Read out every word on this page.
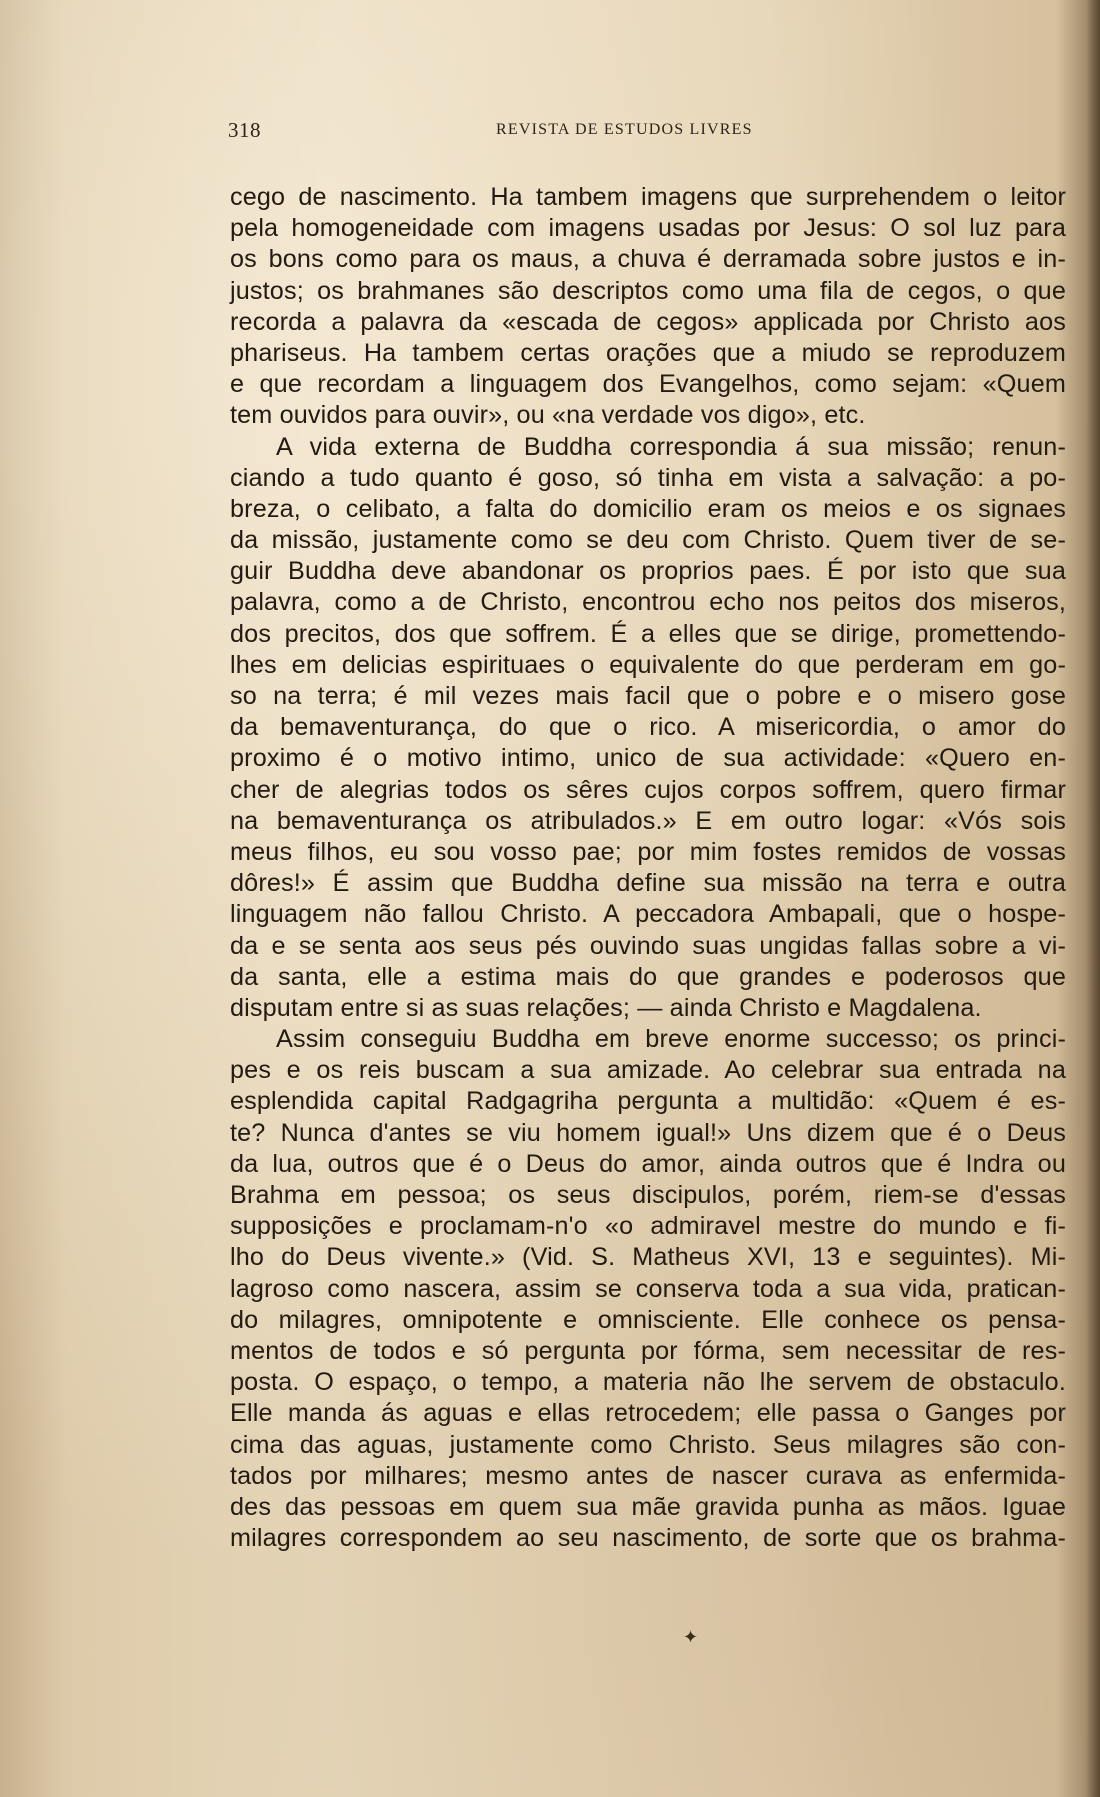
318	REVISTA DE ESTUDOS LIVRES
cego de nascimento. Ha tambem imagens que surprehendem o leitor
pela homogeneidade com imagens usadas por Jesus: O sol luz para
os bons como para os maus, a chuva é derramada sobre justos e in-
justos; os brahmanes são descriptos como uma fila de cegos, o que
recorda a palavra da «escada de cegos» applicada por Christo aos
phariseus. Ha tambem certas orações que a miudo se reproduzem
e que recordam a linguagem dos Evangelhos, como sejam: «Quem
tem ouvidos para ouvir», ou «na verdade vos digo», etc.
A vida externa de Buddha correspondia á sua missão; renun-
ciando a tudo quanto é goso, só tinha em vista a salvação: a po-
breza, o celibato, a falta do domicilio eram os meios e os signaes
da missão, justamente como se deu com Christo. Quem tiver de se-
guir Buddha deve abandonar os proprios paes. É por isto que sua
palavra, como a de Christo, encontrou echo nos peitos dos miseros,
dos precitos, dos que soffrem. É a elles que se dirige, promettendo-
lhes em delicias espirituaes o equivalente do que perderam em go-
so na terra; é mil vezes mais facil que o pobre e o misero gose
da bemaventurança, do que o rico. A misericordia, o amor do
proximo é o motivo intimo, unico de sua actividade: «Quero en-
cher de alegrias todos os sêres cujos corpos soffrem, quero firmar
na bemaventurança os atribulados.» E em outro logar: «Vós sois
meus filhos, eu sou vosso pae; por mim fostes remidos de vossas
dôres!» É assim que Buddha define sua missão na terra e outra
linguagem não fallou Christo. A peccadora Ambapali, que o hospe-
da e se senta aos seus pés ouvindo suas ungidas fallas sobre a vi-
da santa, elle a estima mais do que grandes e poderosos que
disputam entre si as suas relações; — ainda Christo e Magdalena.
Assim conseguiu Buddha em breve enorme successo; os princi-
pes e os reis buscam a sua amizade. Ao celebrar sua entrada na
esplendida capital Radgagriha pergunta a multidão: «Quem é es-
te? Nunca d'antes se viu homem igual!» Uns dizem que é o Deus
da lua, outros que é o Deus do amor, ainda outros que é Indra ou
Brahma em pessoa; os seus discipulos, porém, riem-se d'essas
supposições e proclamam-n'o «o admiravel mestre do mundo e fi-
lho do Deus vivente.» (Vid. S. Matheus XVI, 13 e seguintes). Mi-
lagroso como nascera, assim se conserva toda a sua vida, pratican-
do milagres, omnipotente e omnisciente. Elle conhece os pensa-
mentos de todos e só pergunta por fórma, sem necessitar de res-
posta. O espaço, o tempo, a materia não lhe servem de obstaculo.
Elle manda ás aguas e ellas retrocedem; elle passa o Ganges por
cima das aguas, justamente como Christo. Seus milagres são con-
tados por milhares; mesmo antes de nascer curava as enfermida-
des das pessoas em quem sua mãe gravida punha as mãos. Iguae
milagres correspondem ao seu nascimento, de sorte que os brahma-
✦
